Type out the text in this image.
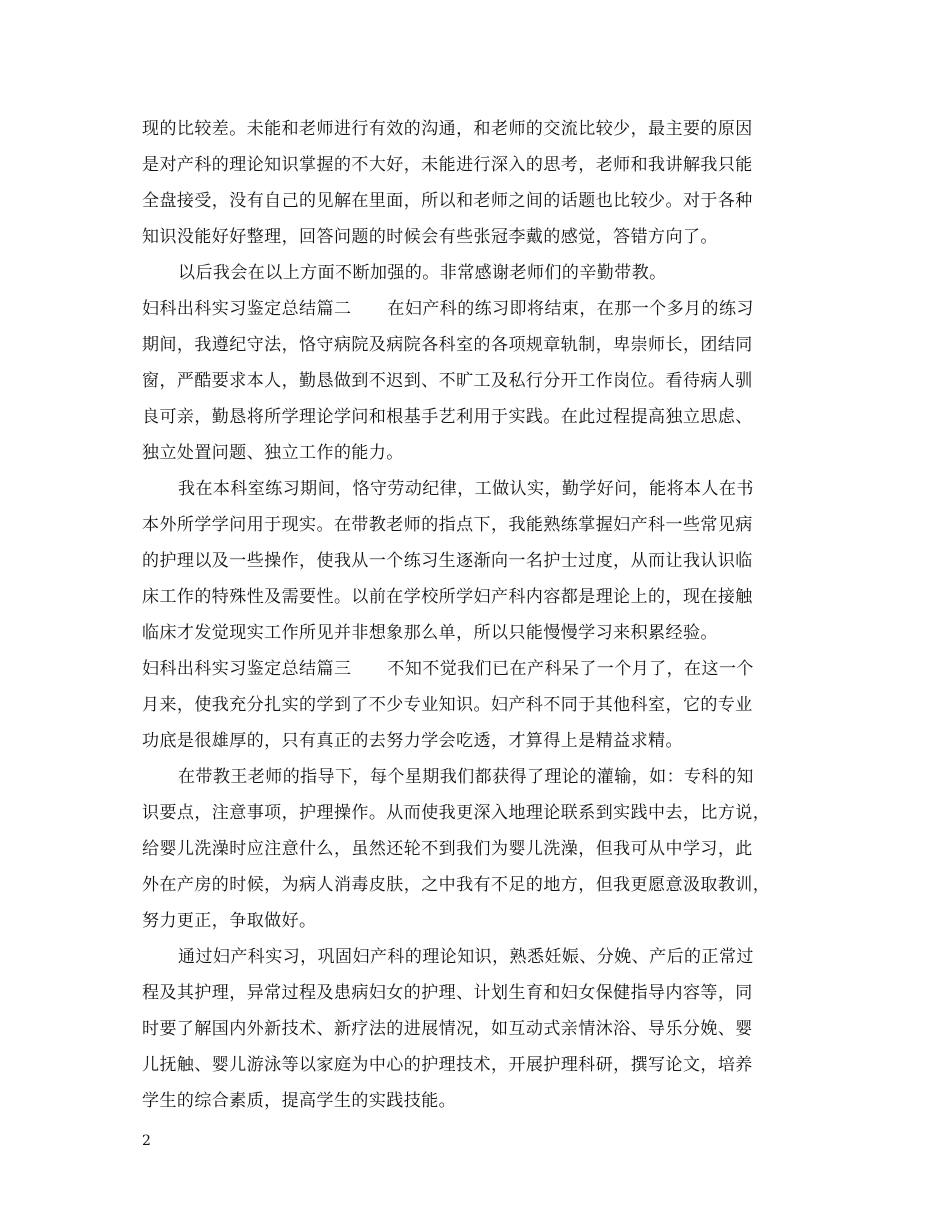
现的比较差。未能和老师进行有效的沟通，和老师的交流比较少，最主要的原因
是对产科的理论知识掌握的不大好，未能进行深入的思考，老师和我讲解我只能
全盘接受，没有自己的见解在里面，所以和老师之间的话题也比较少。对于各种
知识没能好好整理，回答问题的时候会有些张冠李戴的感觉，答错方向了。
以后我会在以上方面不断加强的。非常感谢老师们的辛勤带教。
妇科出科实习鉴定总结篇二 在妇产科的练习即将结束，在那一个多月的练习
期间，我遵纪守法，恪守病院及病院各科室的各项规章轨制，卑崇师长，团结同
窗，严酷要求本人，勤恳做到不迟到、不旷工及私行分开工作岗位。看待病人驯
良可亲，勤恳将所学理论学问和根基手艺利用于实践。在此过程提高独立思虑、
独立处置问题、独立工作的能力。
我在本科室练习期间，恪守劳动纪律，工做认实，勤学好问，能将本人在书
本外所学学问用于现实。在带教老师的指点下，我能熟练掌握妇产科一些常见病
的护理以及一些操作，使我从一个练习生逐渐向一名护士过度，从而让我认识临
床工作的特殊性及需要性。以前在学校所学妇产科内容都是理论上的，现在接触
临床才发觉现实工作所见并非想象那么单，所以只能慢慢学习来积累经验。
妇科出科实习鉴定总结篇三 不知不觉我们已在产科呆了一个月了，在这一个
月来，使我充分扎实的学到了不少专业知识。妇产科不同于其他科室，它的专业
功底是很雄厚的，只有真正的去努力学会吃透，才算得上是精益求精。
在带教王老师的指导下，每个星期我们都获得了理论的灌输，如：专科的知
识要点，注意事项，护理操作。从而使我更深入地理论联系到实践中去，比方说，
给婴儿洗澡时应注意什么，虽然还轮不到我们为婴儿洗澡，但我可从中学习，此
外在产房的时候，为病人消毒皮肤，之中我有不足的地方，但我更愿意汲取教训，
努力更正，争取做好。
通过妇产科实习，巩固妇产科的理论知识，熟悉妊娠、分娩、产后的正常过
程及其护理，异常过程及患病妇女的护理、计划生育和妇女保健指导内容等，同
时要了解国内外新技术、新疗法的进展情况，如互动式亲情沐浴、导乐分娩、婴
儿抚触、婴儿游泳等以家庭为中心的护理技术，开展护理科研，撰写论文，培养
学生的综合素质，提高学生的实践技能。
2
